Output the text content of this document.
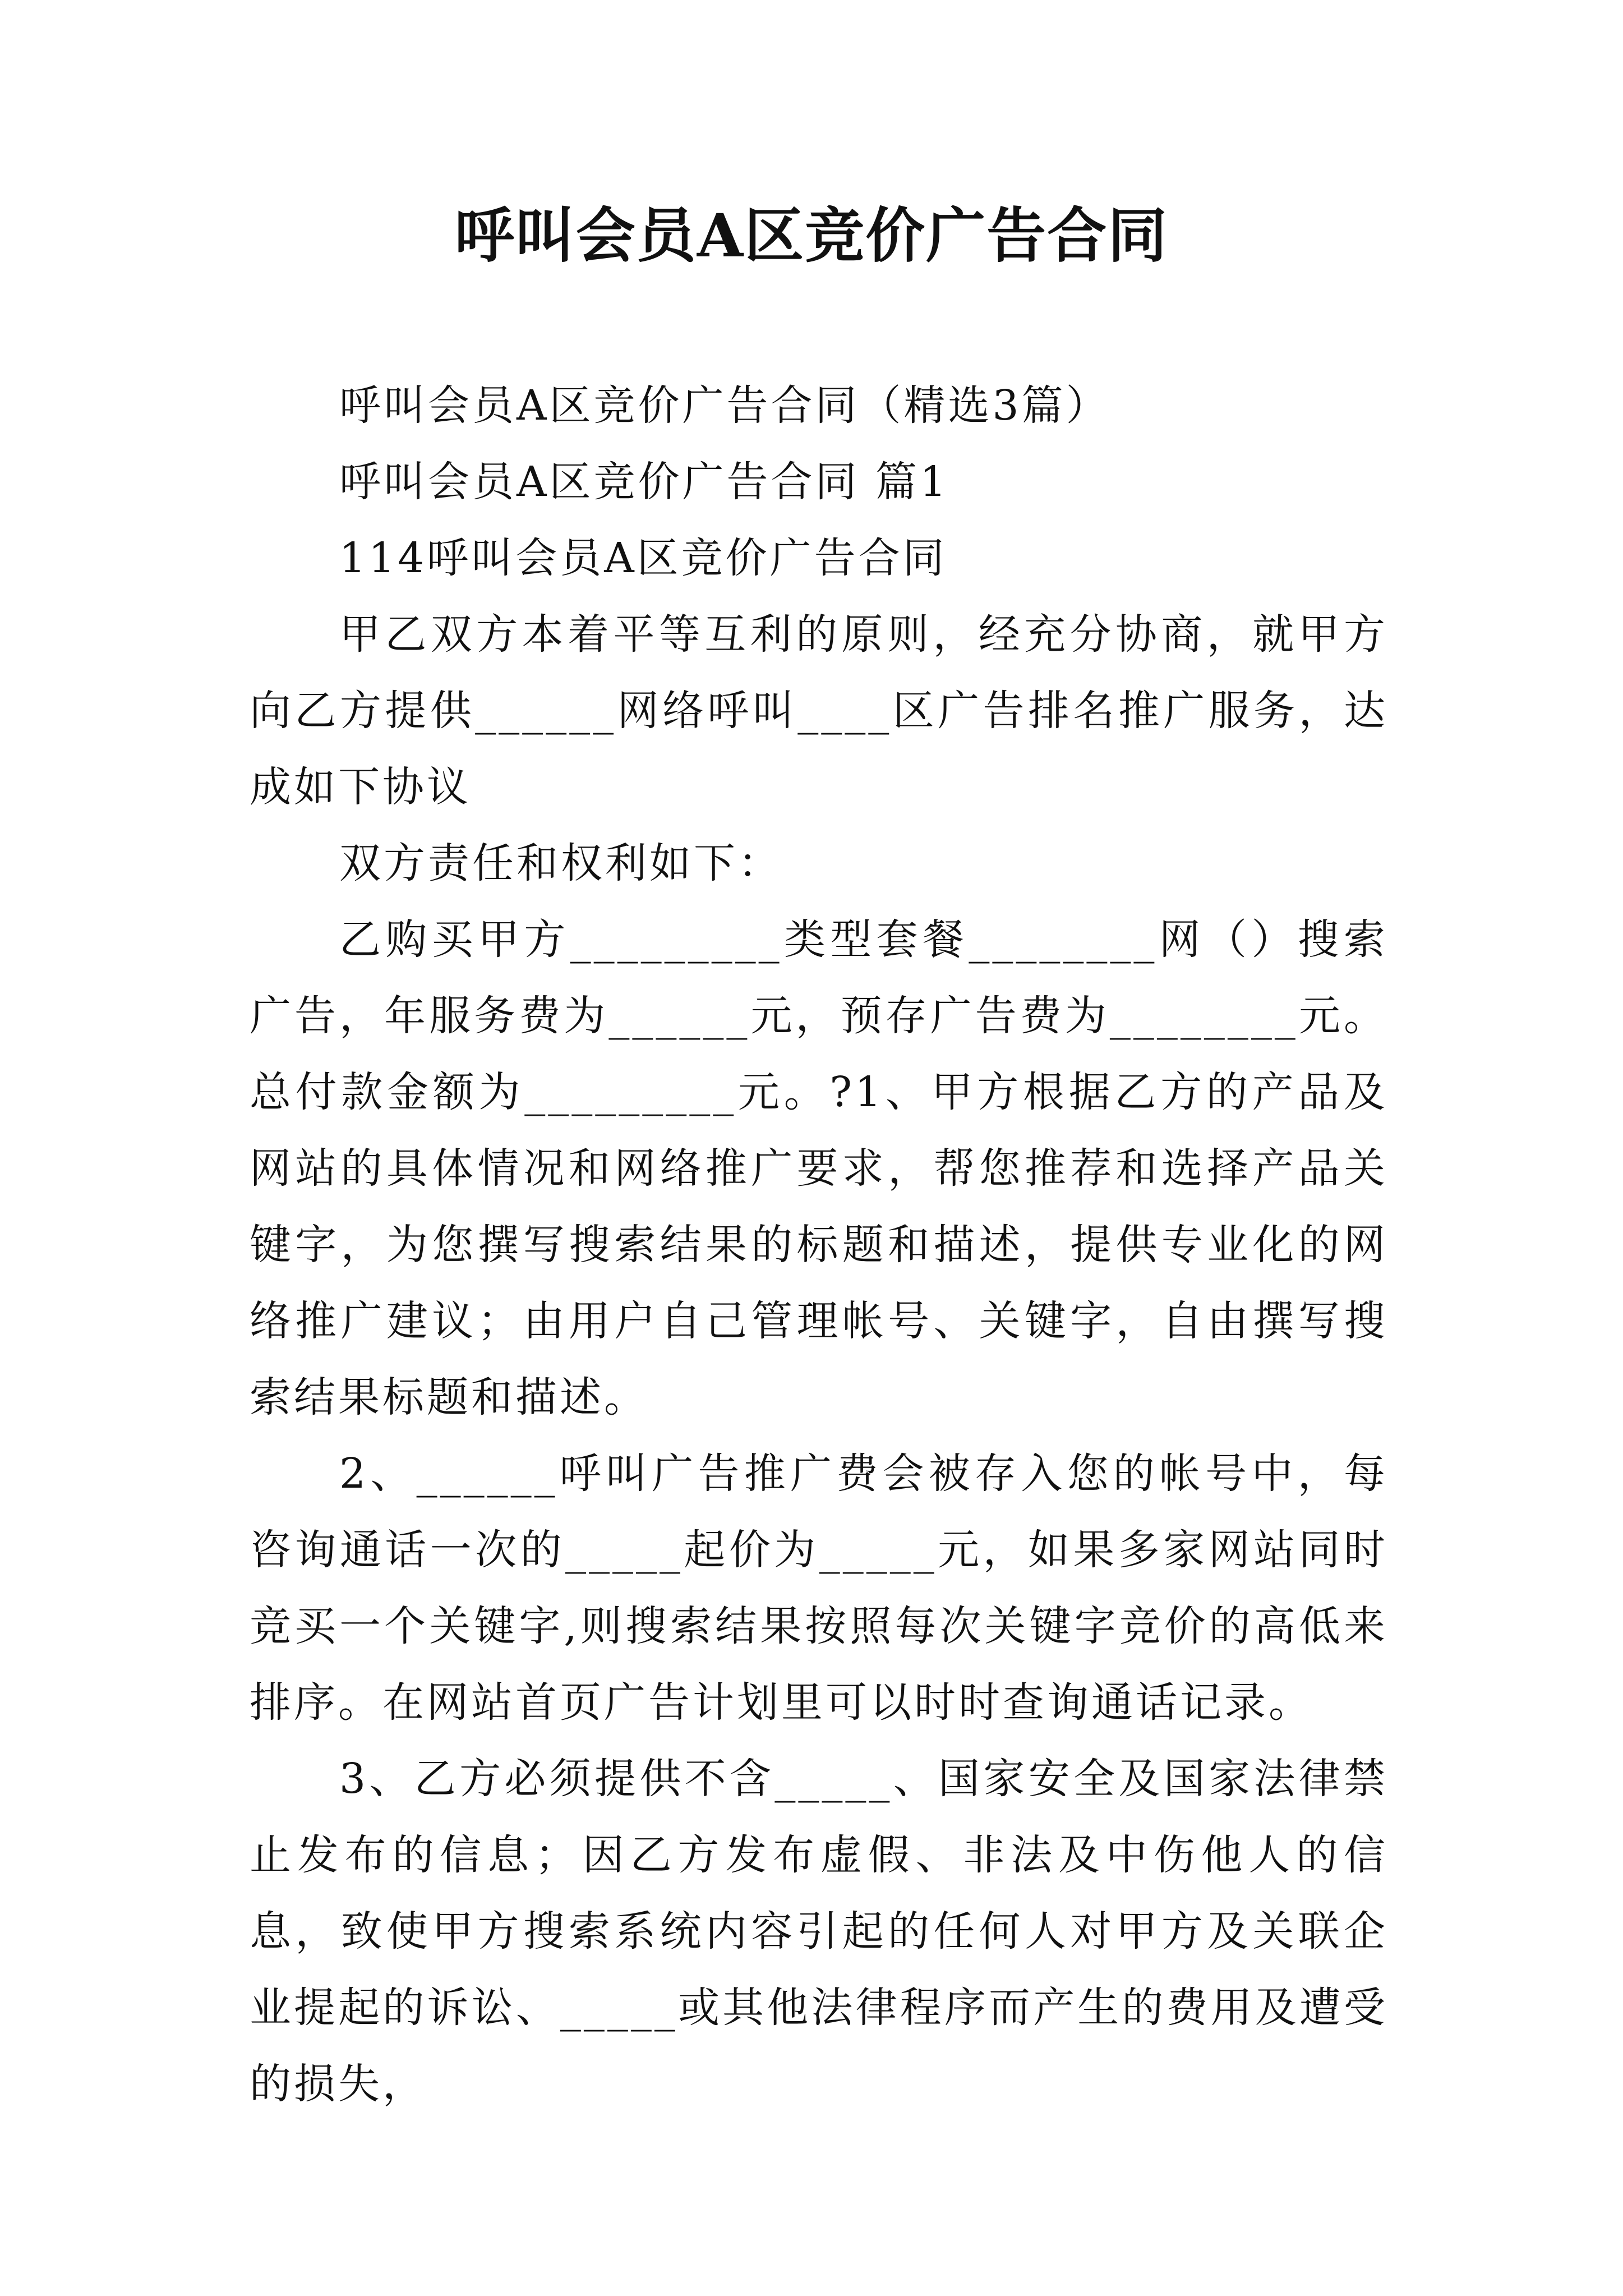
呼叫会员A区竞价广告合同

呼叫会员A区竞价广告合同（精选3篇）

呼叫会员A区竞价广告合同 篇1

114呼叫会员A区竞价广告合同

甲乙双方本着平等互利的原则，经充分协商，就甲方向乙方提供______网络呼叫____区广告排名推广服务，达成如下协议

双方责任和权利如下：

乙购买甲方_________类型套餐________网（）搜索广告，年服务费为______元，预存广告费为________元。总付款金额为_________元。?1、甲方根据乙方的产品及网站的具体情况和网络推广要求，帮您推荐和选择产品关键字，为您撰写搜索结果的标题和描述，提供专业化的网络推广建议；由用户自己管理帐号、关键字，自由撰写搜索结果标题和描述。

2、______呼叫广告推广费会被存入您的帐号中，每咨询通话一次的_____起价为_____元，如果多家网站同时竞买一个关键字,则搜索结果按照每次关键字竞价的高低来排序。在网站首页广告计划里可以时时查询通话记录。

3、乙方必须提供不含_____、国家安全及国家法律禁止发布的信息；因乙方发布虚假、非法及中伤他人的信息，致使甲方搜索系统内容引起的任何人对甲方及关联企业提起的诉讼、_____或其他法律程序而产生的费用及遭受的损失，
